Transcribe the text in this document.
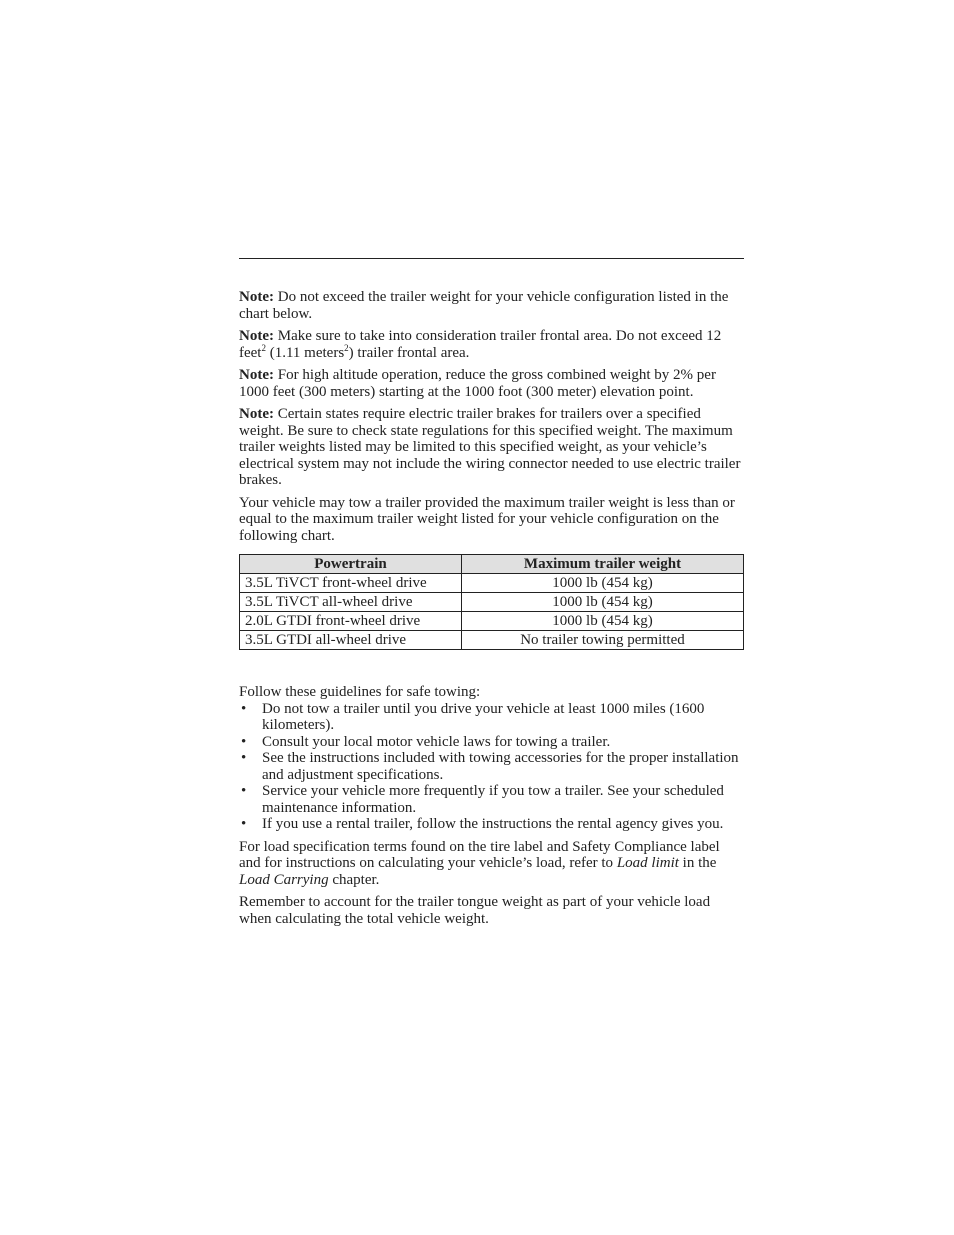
Note: Do not exceed the trailer weight for your vehicle configuration listed in the chart below.

Note: Make sure to take into consideration trailer frontal area. Do not exceed 12 feet$^2$ (1.11 meters$^2$) trailer frontal area.

Note: For high altitude operation, reduce the gross combined weight by 2% per 1000 feet (300 meters) starting at the 1000 foot (300 meter) elevation point.

Note: Certain states require electric trailer brakes for trailers over a specified weight. Be sure to check state regulations for this specified weight. The maximum trailer weights listed may be limited to this specified weight, as your vehicle’s electrical system may not include the wiring connector needed to use electric trailer brakes.

Your vehicle may tow a trailer provided the maximum trailer weight is less than or equal to the maximum trailer weight listed for your vehicle configuration on the following chart.

Powertrain	Maximum trailer weight
3.5L TiVCT front-wheel drive	1000 lb (454 kg)
3.5L TiVCT all-wheel drive	1000 lb (454 kg)
2.0L GTDI front-wheel drive	1000 lb (454 kg)
3.5L GTDI all-wheel drive	No trailer towing permitted

Follow these guidelines for safe towing:

• Do not tow a trailer until you drive your vehicle at least 1000 miles (1600 kilometers).
• Consult your local motor vehicle laws for towing a trailer.
• See the instructions included with towing accessories for the proper installation and adjustment specifications.
• Service your vehicle more frequently if you tow a trailer. See your scheduled maintenance information.
• If you use a rental trailer, follow the instructions the rental agency gives you.

For load specification terms found on the tire label and Safety Compliance label and for instructions on calculating your vehicle’s load, refer to Load limit in the Load Carrying chapter.

Remember to account for the trailer tongue weight as part of your vehicle load when calculating the total vehicle weight.
